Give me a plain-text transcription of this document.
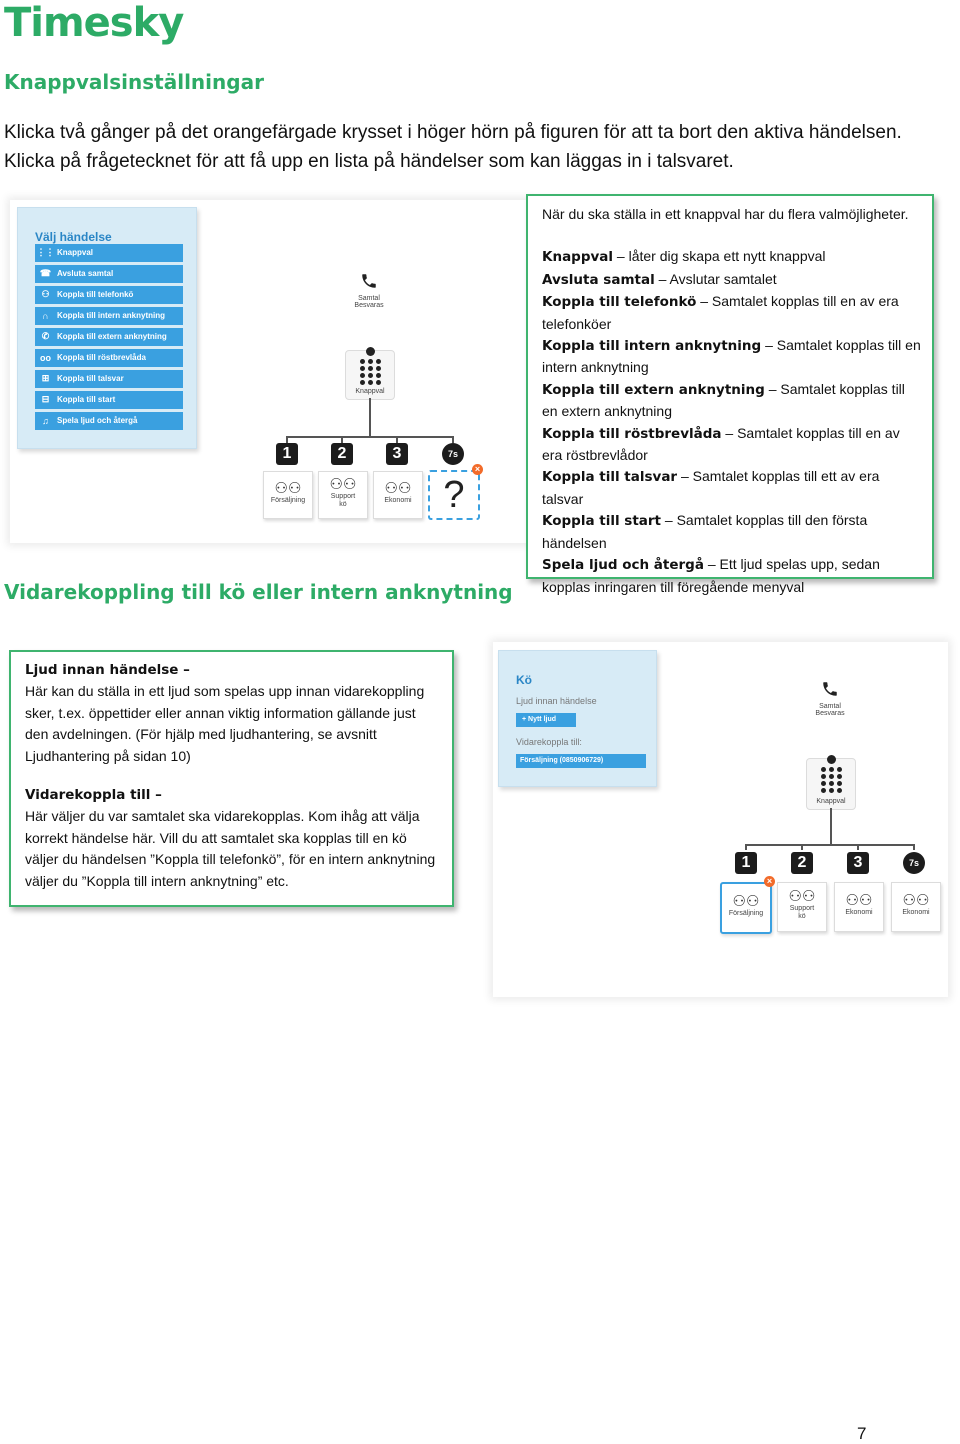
Timesky
Knappvalsinställningar
Klicka två gånger på det orangefärgade krysset i höger hörn på figuren för att ta bort den aktiva händelsen. Klicka på frågetecknet för att få upp en lista på händelser som kan läggas in i talsvaret.
Välj händelse
⋮⋮ Knappval
☎ Avsluta samtal
⚇ Koppla till telefonkö
∩	Koppla till intern anknytning
✆ Koppla till extern anknytning
oo Koppla till röstbrevlåda
⊞ Koppla till talsvar
⊟ Koppla till start
♫	Spela ljud och återgå
Samtal Besvaras
Knappval
1	2	3	7s
⚇⚇
Försäljning
⚇⚇
Support kö
⚇⚇
Ekonomi ?
×
När du ska ställa in ett knappval har du flera valmöjligheter.
Knappval – låter dig skapa ett nytt knappval
Avsluta samtal – Avslutar samtalet
Koppla till telefonkö – Samtalet kopplas till en av era telefonköer
Koppla till intern anknytning – Samtalet kopplas till en intern anknytning
Koppla till extern anknytning – Samtalet kopplas till en extern anknytning
Koppla till röstbrevlåda – Samtalet kopplas till en av era röstbrevlådor
Koppla till talsvar – Samtalet kopplas till ett av era talsvar
Koppla till start – Samtalet kopplas till den första händelsen
Spela ljud och återgå – Ett ljud spelas upp, sedan kopplas inringaren till föregående menyval
Vidarekoppling till kö eller intern anknytning
Ljud innan händelse –
Här kan du ställa in ett ljud som spelas upp innan vidarekoppling sker, t.ex. öppettider eller annan viktig information gällande just den avdelningen. (För hjälp med ljudhantering, se avsnitt Ljudhantering på sidan 10)
Vidarekoppla till –
Här väljer du var samtalet ska vidarekopplas. Kom ihåg att välja korrekt händelse här. Vill du att samtalet ska kopplas till en kö väljer du händelsen ”Koppla till telefonkö”, för en intern anknytning väljer du ”Koppla till intern anknytning” etc.
Kö
Ljud innan händelse
+ Nytt ljud
Vidarekoppla till:
Försäljning (0850906729)
Samtal Besvaras
Knappval
1	2	3	7s
⚇⚇
Försäljning
×
⚇⚇
Support kö
⚇⚇
Ekonomi
⚇⚇
Ekonomi
7
